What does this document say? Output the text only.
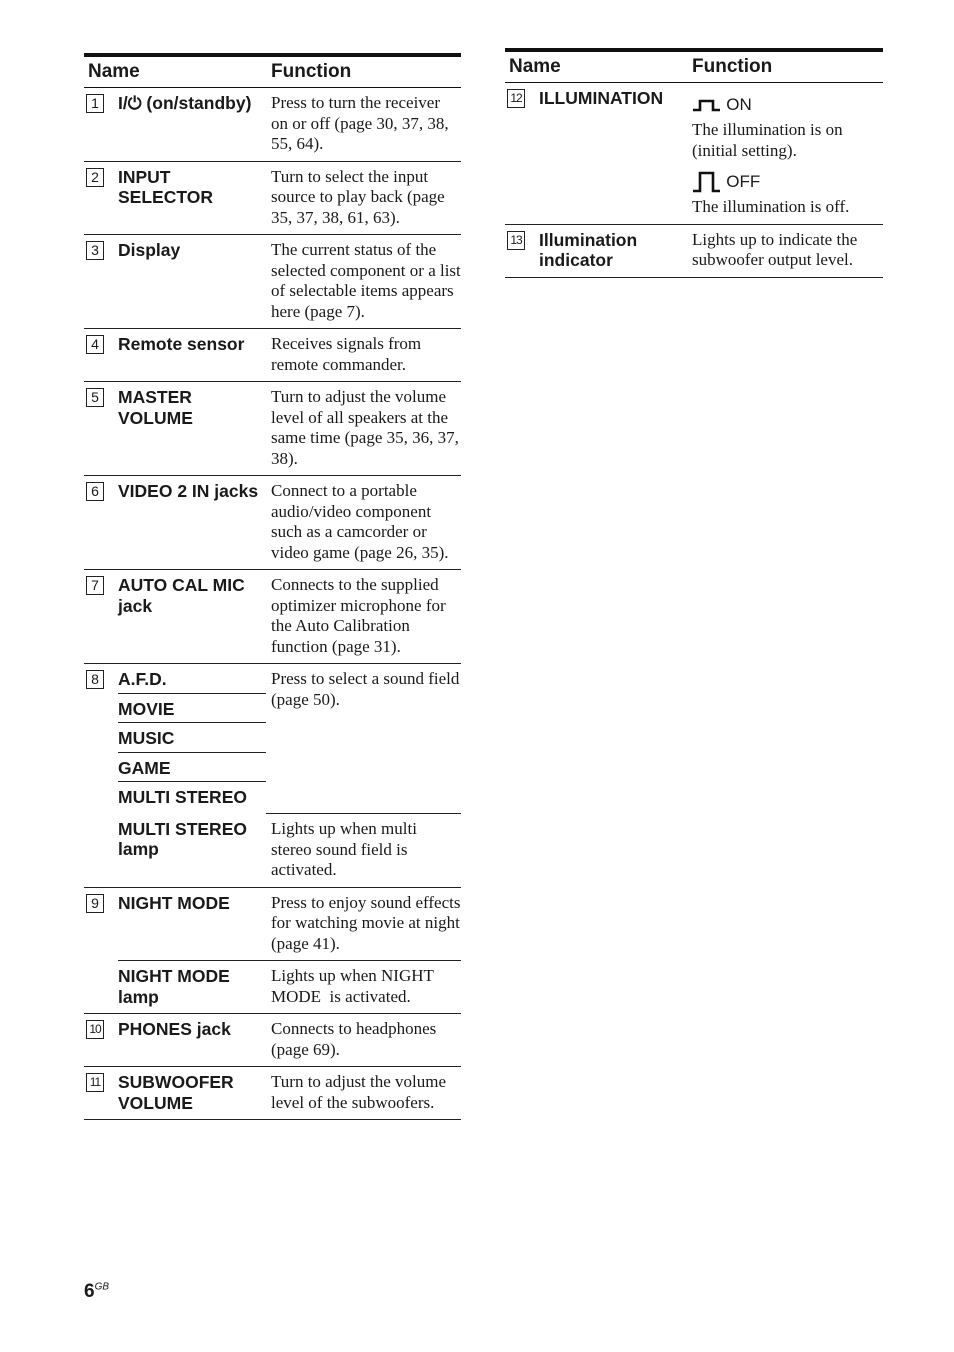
Name		Function
1	I/⏻ (on/standby)	Press to turn the receiver on or off (page 30, 37, 38, 55, 64).
2	INPUT SELECTOR	Turn to select the input source to play back (page 35, 37, 38, 61, 63).
3	Display	The current status of the selected component or a list of selectable items appears here (page 7).
4	Remote sensor	Receives signals from remote commander.
5	MASTER VOLUME	Turn to adjust the volume level of all speakers at the same time (page 35, 36, 37, 38).
6	VIDEO 2 IN jacks	Connect to a portable audio/video component such as a camcorder or video game (page 26, 35).
7	AUTO CAL MIC jack	Connects to the supplied optimizer microphone for the Auto Calibration function (page 31).
8	A.F.D.	Press to select a sound field (page 50).
	MOVIE	
	MUSIC	
	GAME	
	MULTI STEREO	
	MULTI STEREO lamp	Lights up when multi stereo sound field is activated.
9	NIGHT MODE	Press to enjoy sound effects for watching movie at night (page 41).
	NIGHT MODE lamp	Lights up when NIGHT MODE  is activated.
10	PHONES jack	Connects to headphones (page 69).
11	SUBWOOFER VOLUME	Turn to adjust the volume level of the subwoofers.
Name		Function
12	ILLUMINATION	ON
The illumination is on (initial setting).
OFF
The illumination is off.

13	Illumination indicator	Lights up to indicate the subwoofer output level.
$6^{GB}$
